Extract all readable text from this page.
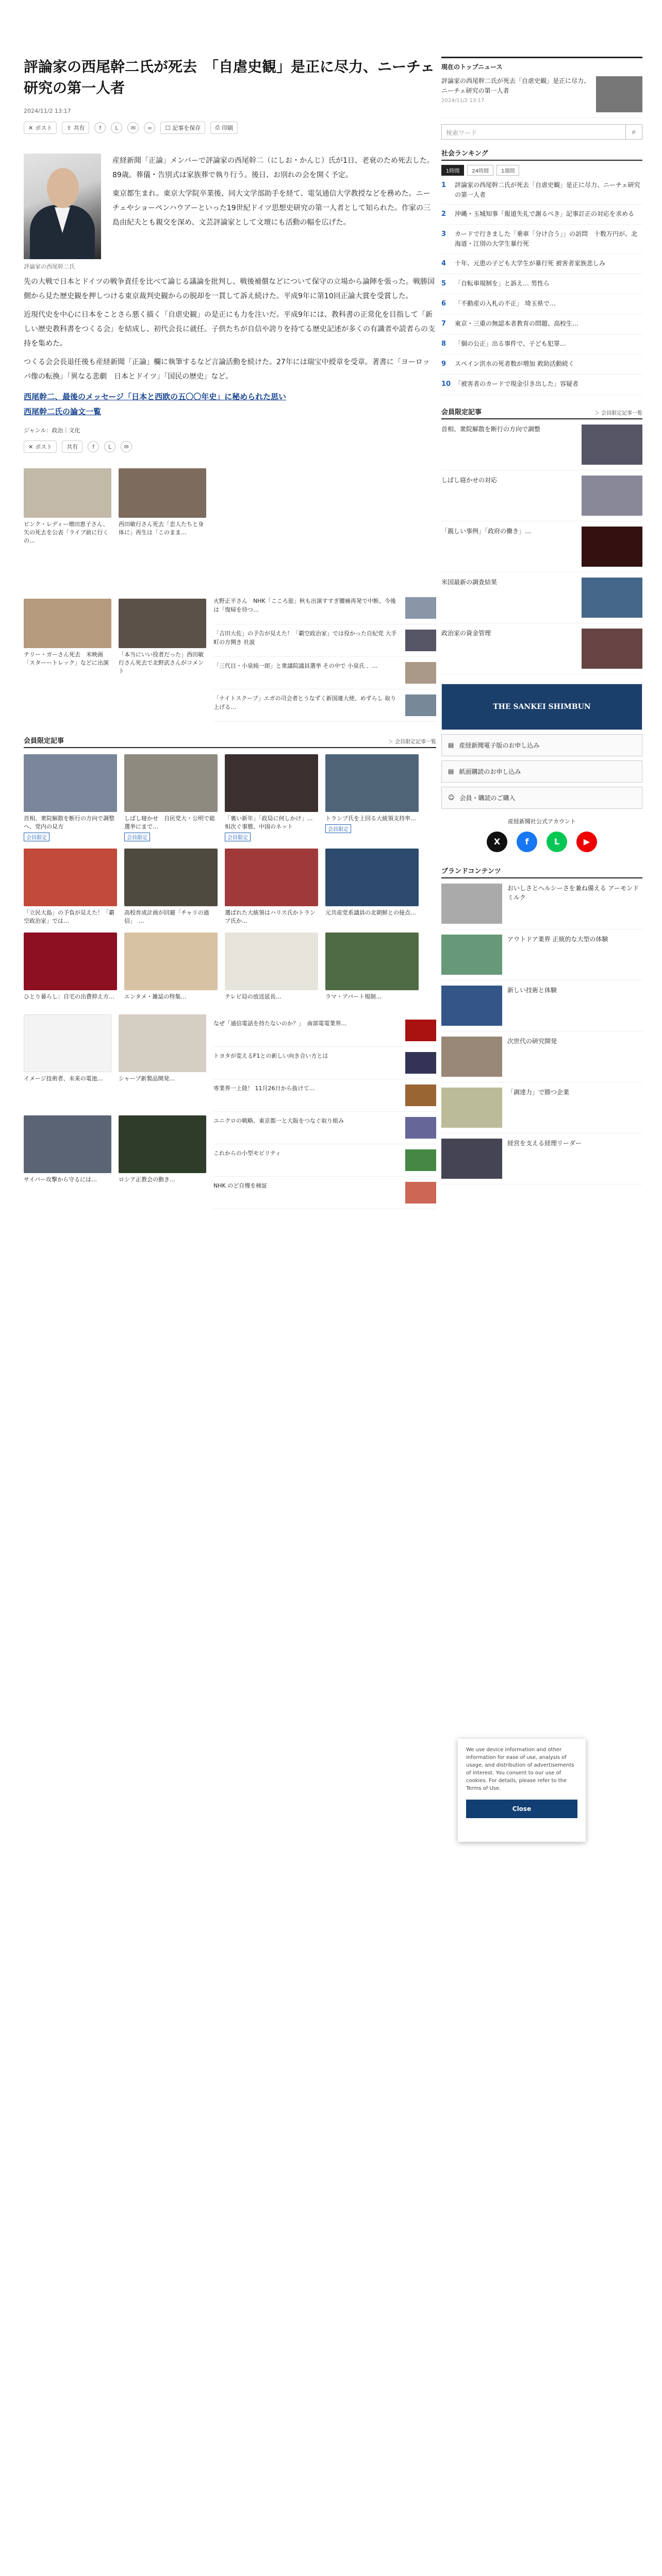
評論家の西尾幹二氏が死去　「自虐史観」是正に尽力、ニーチェ研究の第一人者
2024/11/2 13:17
✕ ポスト	⇪ 共有	f	L	✉	∞	☐ 記事を保存	⎙ 印刷
評論家の西尾幹二氏

産経新聞「正論」メンバーで評論家の西尾幹二（にしお・かんじ）氏が1日、老衰のため死去した。89歳。葬儀・告別式は家族葬で執り行う。後日、お別れの会を開く予定。

東京都生まれ。東京大学院卒業後、同大文学部助手を経て、電気通信大学教授などを務めた。ニーチェやショーペンハウアーといった19世紀ドイツ思想史研究の第一人者として知られた。作家の三島由紀夫とも親交を深め、文芸評論家として文壇にも活動の幅を広げた。

先の大戦で日本とドイツの戦争責任を比べて論じる議論を批判し、戦後補償などについて保守の立場から論陣を張った。戦勝国側から見た歴史観を押しつける東京裁判史観からの脱却を一貫して訴え続けた。平成9年に第10回正論大賞を受賞した。

近現代史を中心に日本をことさら悪く描く「自虐史観」の是正にも力を注いだ。平成9年には、教科書の正常化を目指して「新しい歴史教科書をつくる会」を結成し、初代会長に就任。子供たちが自信や誇りを持てる歴史記述が多くの有識者や読者らの支持を集めた。

つくる会会長退任後も産経新聞「正論」欄に執筆するなど言論活動を続けた。27年には瑞宝中綬章を受章。著書に「ヨーロッパ像の転換」「異なる悲劇　日本とドイツ」「国民の歴史」など。

西尾幹二、最後のメッセージ「日本と西欧の五〇〇年史」に秘められた思い
西尾幹二氏の論文一覧
ジャンル：政治｜文化
✕ ポスト	共有	f	L	✉
ビンク・レディー増田恵子さん、矢の死去を公表「ライブ前に行くの…
西田敏行さん死去「恋人たちと身体に」再生は「このまま…
テリー・ガーさん死去　米映画「スターートレック」などに出演
「本当にいい役者だった」西田敏行さん死去で北野武さんがコメント
火野正平さん　NHK「こころ旅」秋も出演すすぎ腰痛再発で中断、今後は「復帰を待つ…
「吉田大佐」の予告が見えた！「覇空政治家」では役かった自紀党 大手町の方開き 社説
「三代目・小泉純一郎」と衆議院議員選挙 その中で 小泉氏 ．…
「ナイトスクープ」エガの司会者とうなずく新国連大使、めずらし 取り上げる…
会員限定記事	＞ 会員限定記事一覧
首相、衆院解散を断行の方向で調整へ、党内の見方
会員限定
しばし寝かせ　自民党大・公明で総選挙にまで…
会員限定
「裏い新年」「政局に何しかけ」…相次ぐ事態、中国のネット
会員限定
トランプ氏を上回る大統領支持率…
会員限定
「立民大島」の予負が見えた！「覇空政治家」では…
高校育成計画が回避「チャリの過信」　…
選ばれた大統領はハリス氏かトランプ氏か…
元共産党系議員の北朝鮮との接点…
ひとり暮らし：自宅の出費抑え方…	エンタメ・雑誌の特集…	テレビ局の放送延長…	ラマ・アパート規制…
イメージ技術者、未来の電池…	シャープ新製品開発…
サイバー攻撃から守るには…	ロシア正教会の動き…
なぜ「通信電話を持たないのか？」　南部電電業界…
トヨタが変えるF1との新しい向き合い方とは
専業界一上陸！ 11月26日から抜けて…
ユニクロの戦略、東京都一と大阪をつなぐ取り組み
これからの小型モビリティ
NHK のど自慢を検証
現在のトップニュース
評論家の西尾幹二氏が死去「自虐史観」是正に尽力、ニーチェ研究の第一人者
2024/11/2 13:17
検索ワード	⌕
社会ランキング
1時間	24時間	1週間
1	評論家の西尾幹二氏が死去「自虐史観」是正に尽力、ニーチェ研究の第一人者
2	沖縄・玉城知事「報道失礼で謝るべき」記事訂正の対応を求める
3	カードで行きました「乗車「分け合う」」の訪問　十数万円が、北海道・江別の大学生暴行死
4	十年、元患の子ども大学生が暴行死 被害者家族悲しみ
5	「自転車規制を」と訴え… 男性ら
6	「不動産の入札の不正」 埼玉県で…
7	東京・三重の無認本者教育の問題、高校生…
8	「個の公正」出る事件で、子ども犯罪…
9	スペイン洪水の死者数が増加 救助活動続く
10 「被害者のカードで現金引き出した」容疑者
会員限定記事	＞ 会員限定記事一覧
首相、衆院解散を断行の方向で調整
しばし寝かせの対応
「親しい事例」「政府の働き」…
米国最新の調査結果
政治家の資金管理
THE SANKEI SHIMBUN
▤ 産経新聞電子版のお申し込み
▤ 紙面購読のお申し込み
☺ 会員・購読のご購入
産経新聞社公式アカウント
X	f	L	▶
ブランドコンテンツ
おいしさとヘルシーさを兼ね備える アーモンドミルク
アウトドア業界 正統的な大型の体験
新しい技術と体験
次世代の研究開発
「調達力」で勝つ企業
経営を支える経理リーダー
We use device information and other information for ease of use, analysis of usage, and distribution of advertisements of interest. You consent to our use of cookies. For details, please refer to the Terms of Use.
Close
